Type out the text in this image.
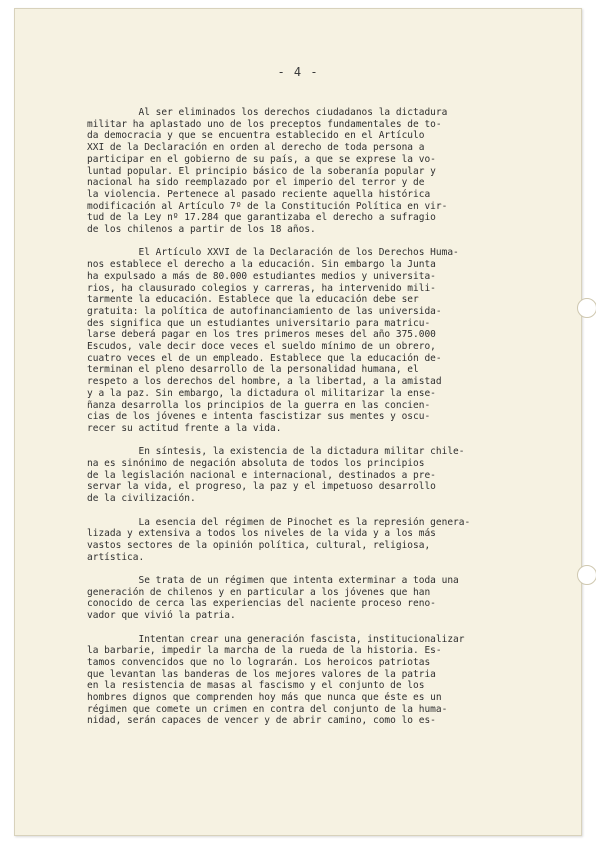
- 4 -
Al ser eliminados los derechos ciudadanos la dictadura
militar ha aplastado uno de los preceptos fundamentales de to-
da democracia y que se encuentra establecido en el Artículo
XXI de la Declaración en orden al derecho de toda persona a
participar en el gobierno de su país, a que se exprese la vo-
luntad popular. El principio básico de la soberanía popular y
nacional ha sido reemplazado por el imperio del terror y de
la violencia. Pertenece al pasado reciente aquella histórica
modificación al Artículo 7º de la Constitución Política en vir-
tud de la Ley nº 17.284 que garantizaba el derecho a sufragio
de los chilenos a partir de los 18 años.
El Artículo XXVI de la Declaración de los Derechos Huma-
nos establece el derecho a la educación. Sin embargo la Junta
ha expulsado a más de 80.000 estudiantes medios y universita-
rios, ha clausurado colegios y carreras, ha intervenido mili-
tarmente la educación. Establece que la educación debe ser
gratuita: la política de autofinanciamiento de las universida-
des significa que un estudiantes universitario para matricu-
larse deberá pagar en los tres primeros meses del año 375.000
Escudos, vale decir doce veces el sueldo mínimo de un obrero,
cuatro veces el de un empleado. Establece que la educación de-
terminan el pleno desarrollo de la personalidad humana, el
respeto a los derechos del hombre, a la libertad, a la amistad
y a la paz. Sin embargo, la dictadura ol militarizar la ense-
ñanza desarrolla los principios de la guerra en las concien-
cias de los jóvenes e intenta fascistizar sus mentes y oscu-
recer su actitud frente a la vida.
En síntesis, la existencia de la dictadura militar chile-
na es sinónimo de negación absoluta de todos los principios
de la legislación nacional e internacional, destinados a pre-
servar la vida, el progreso, la paz y el impetuoso desarrollo
de la civilización.
La esencia del régimen de Pinochet es la represión genera-
lizada y extensiva a todos los niveles de la vida y a los más
vastos sectores de la opinión política, cultural, religiosa,
artística.
Se trata de un régimen que intenta exterminar a toda una
generación de chilenos y en particular a los jóvenes que han
conocido de cerca las experiencias del naciente proceso reno-
vador que vivió la patria.
Intentan crear una generación fascista, institucionalizar
la barbarie, impedir la marcha de la rueda de la historia. Es-
tamos convencidos que no lo lograrán. Los heroicos patriotas
que levantan las banderas de los mejores valores de la patria
en la resistencia de masas al fascismo y el conjunto de los
hombres dignos que comprenden hoy más que nunca que éste es un
régimen que comete un crimen en contra del conjunto de la huma-
nidad, serán capaces de vencer y de abrir camino, como lo es-
